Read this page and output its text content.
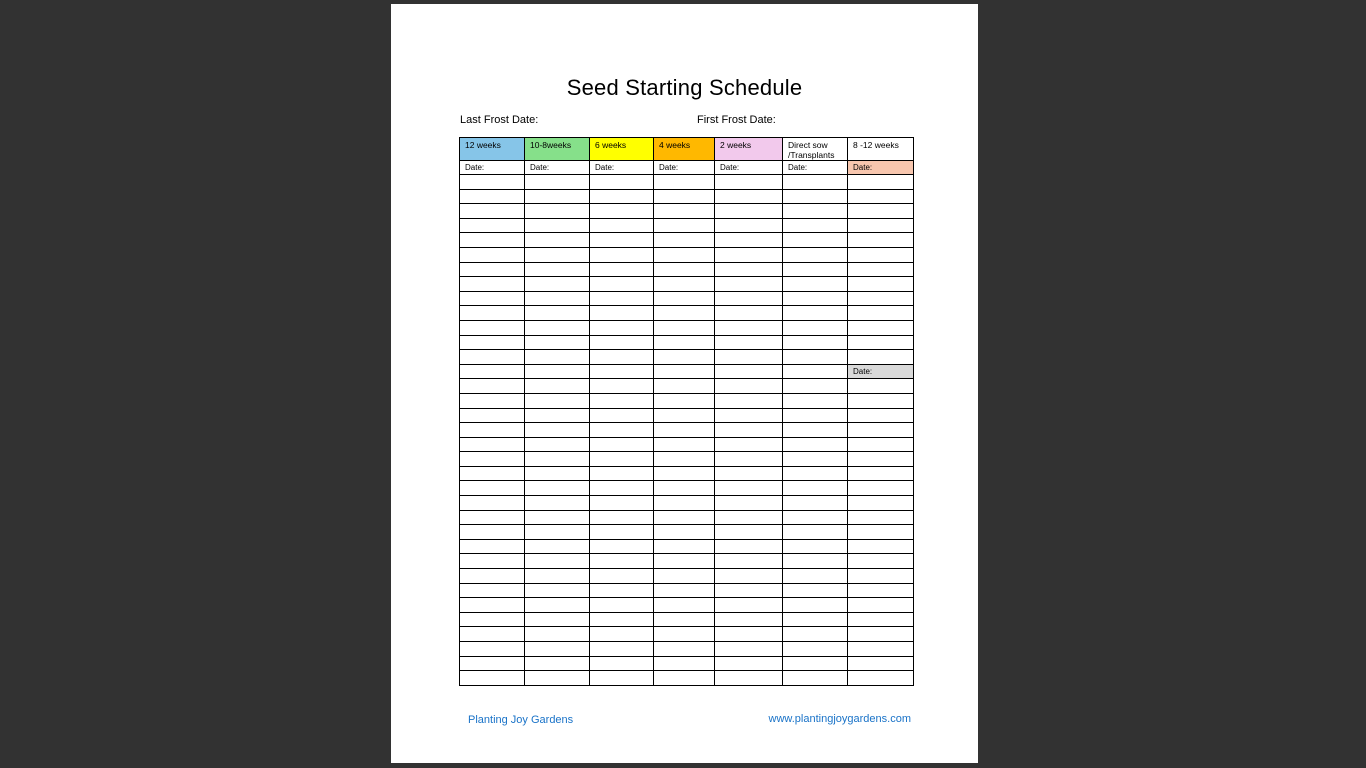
Seed Starting Schedule
Last Frost Date:	First Frost Date:
12 weeks	10-8weeks	6 weeks	4 weeks	2 weeks	Direct sow /Transplants	8 -12 weeks
Date:	Date:	Date:	Date:	Date:	Date:	Date:

						Date:

Planting Joy Gardens	www.plantingjoygardens.com
